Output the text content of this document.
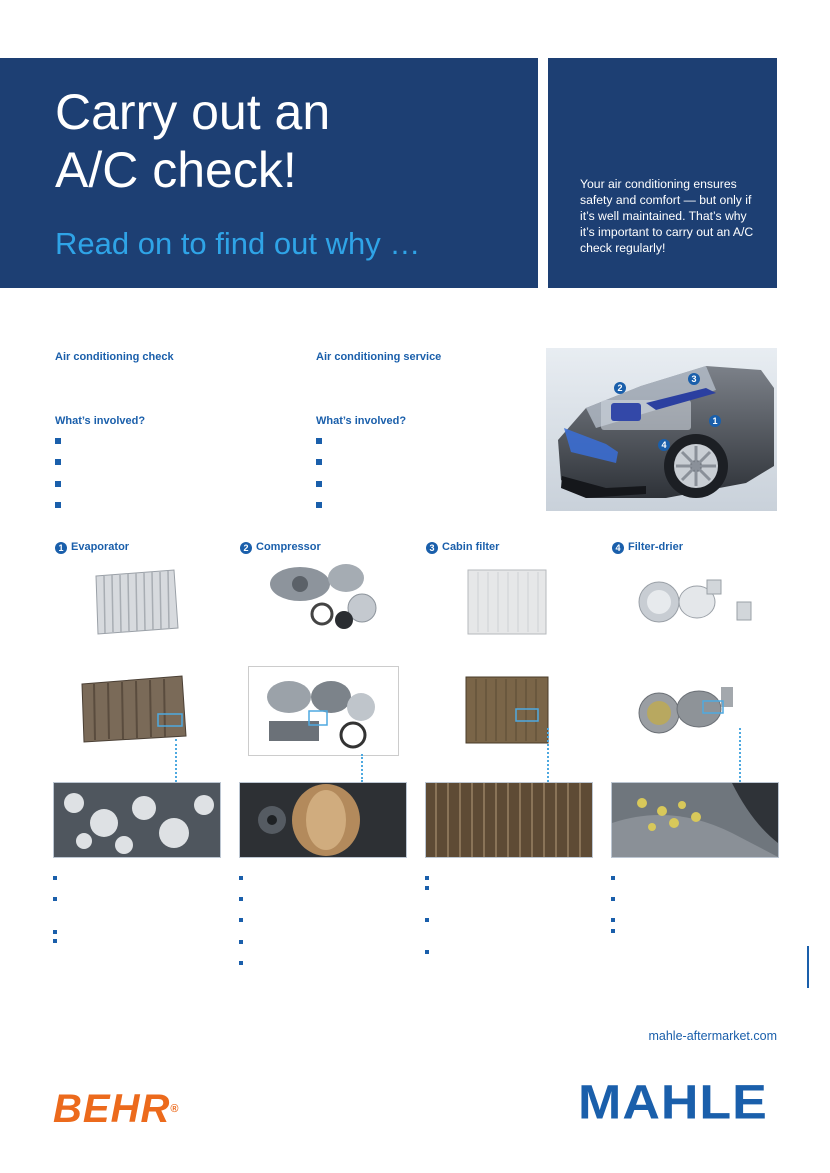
Carry out an
A/C check!
Read on to find out why …
Your air conditioning ensures safety and comfort — but only if it’s well maintained. That’s why it’s important to carry out an A/C check regularly!
Air conditioning check
What’s involved?
Air conditioning service
What’s involved?
2
3
1
4
1 Evaporator	2 Compressor	3 Cabin filter	4 Filter-drier
mahle-aftermarket.com
BEHR®	MAHLE
